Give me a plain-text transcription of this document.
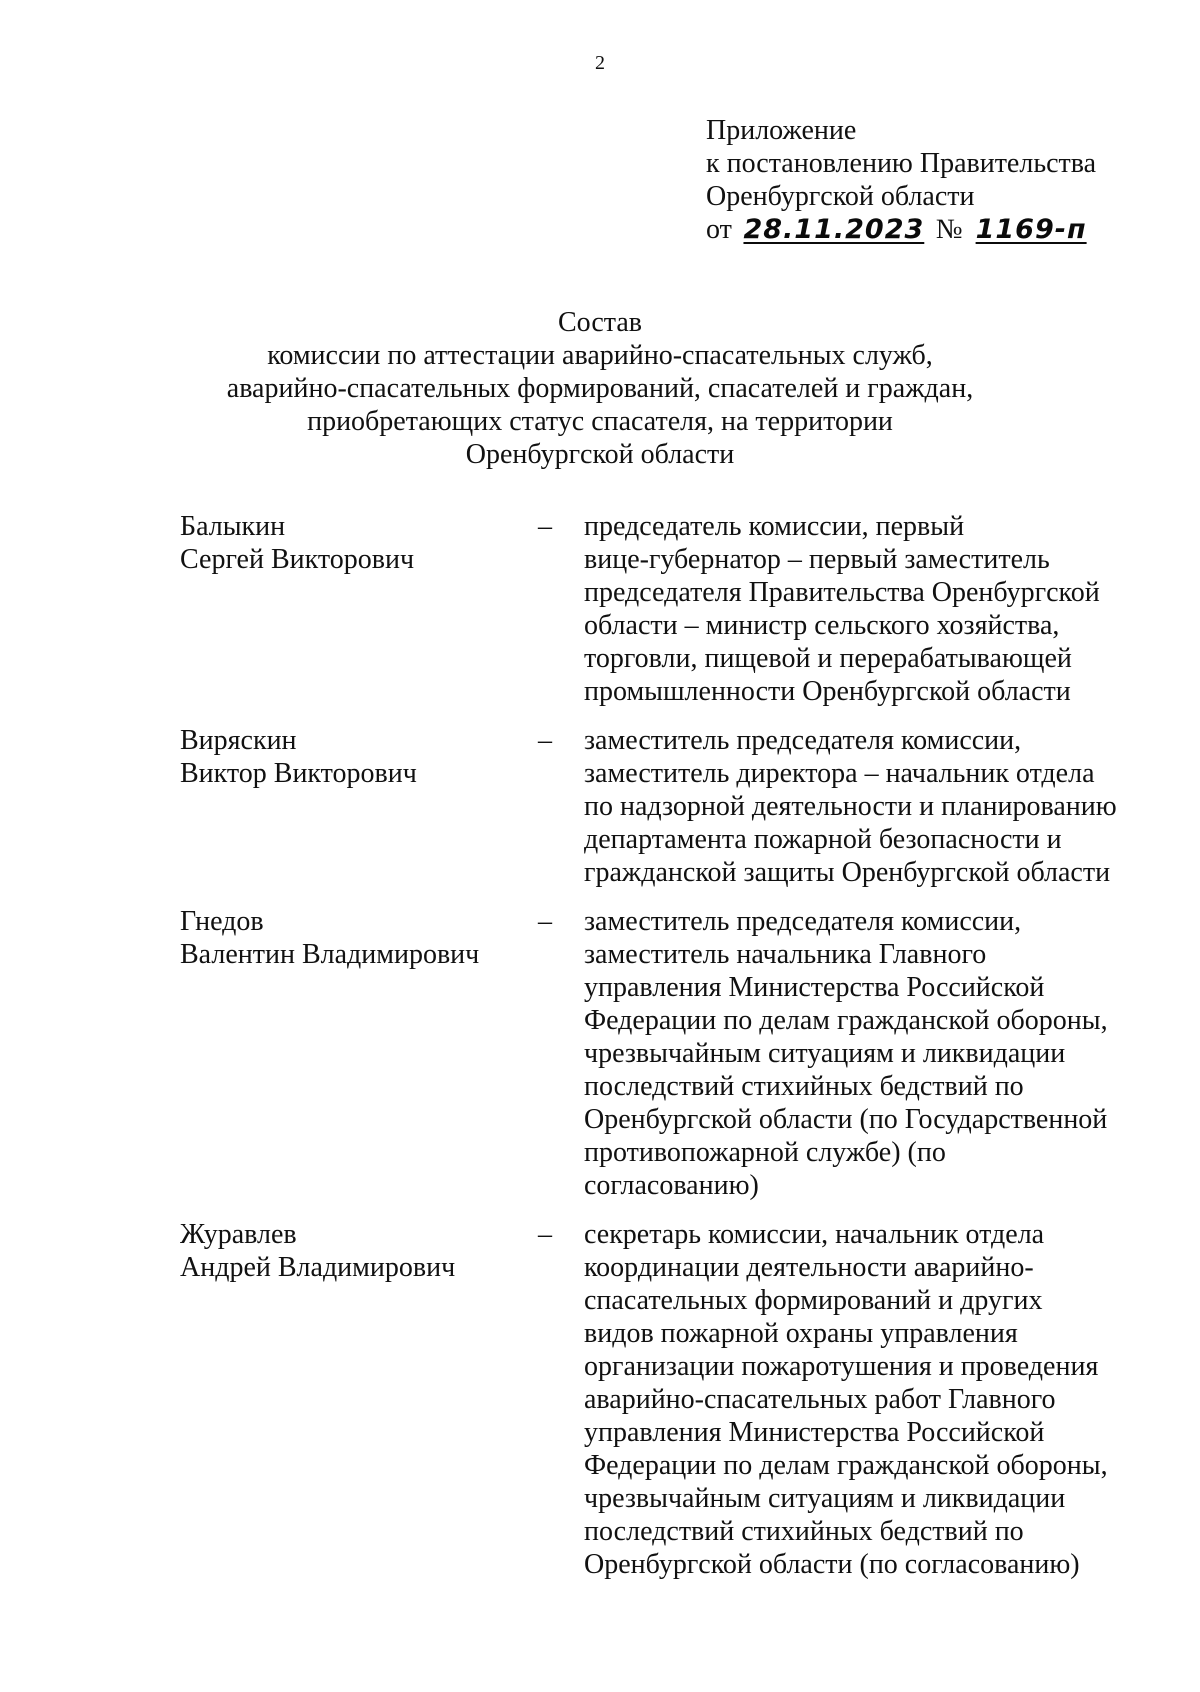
2
Приложение
к постановлению Правительства
Оренбургской области
от 28.11.2023 № 1169-п
Состав
комиссии по аттестации аварийно-спасательных служб,
аварийно-спасательных формирований, спасателей и граждан,
приобретающих статус спасателя, на территории
Оренбургской области
Балыкин
Сергей Викторович
– председатель комиссии, первый
вице-губернатор – первый заместитель
председателя Правительства Оренбургской
области – министр сельского хозяйства,
торговли, пищевой и перерабатывающей
промышленности Оренбургской области
Виряскин
Виктор Викторович
– заместитель председателя комиссии,
заместитель директора – начальник отдела
по надзорной деятельности и планированию
департамента пожарной безопасности и
гражданской защиты Оренбургской области
Гнедов
Валентин Владимирович
– заместитель председателя комиссии,
заместитель начальника Главного
управления Министерства Российской
Федерации по делам гражданской обороны,
чрезвычайным ситуациям и ликвидации
последствий стихийных бедствий по
Оренбургской области (по Государственной
противопожарной службе) (по
согласованию)
Журавлев
Андрей Владимирович
– секретарь комиссии, начальник отдела
координации деятельности аварийно-
спасательных формирований и других
видов пожарной охраны управления
организации пожаротушения и проведения
аварийно-спасательных работ Главного
управления Министерства Российской
Федерации по делам гражданской обороны,
чрезвычайным ситуациям и ликвидации
последствий стихийных бедствий по
Оренбургской области (по согласованию)
